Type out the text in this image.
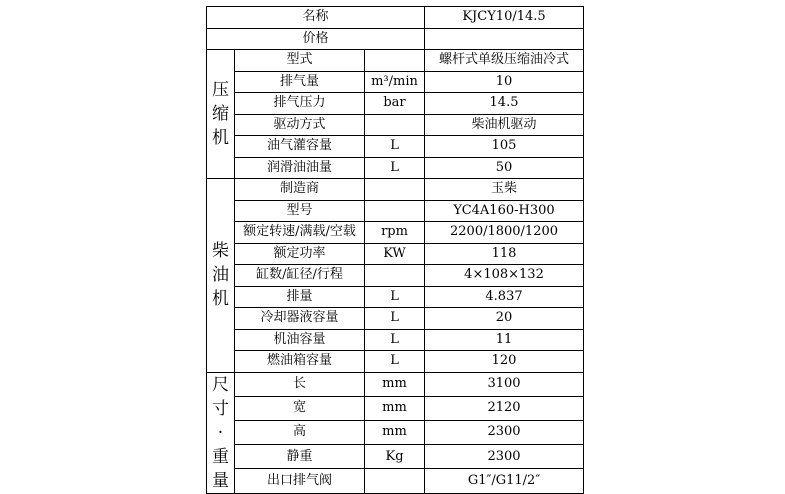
名称			KJCY10/14.5
价格			

压
缩
机	型式		螺杆式单级压缩油冷式
	排气量	m³/min	10
	排气压力	bar	14.5
	驱动方式		柴油机驱动
	油气灌容量	L	105
	润滑油油量	L	50

柴
油
机	制造商		玉柴
	型号		YC4A160-H300
	额定转速/满载/空载	rpm	2200/1800/1200
	额定功率	KW	118
	缸数/缸径/行程		4×108×132
	排量	L	4.837
	冷却器液容量	L	20
	机油容量	L	11
	燃油箱容量	L	120

尺
寸
·
重
量	长	mm	3100
	宽	mm	2120
	高	mm	2300
	静重	Kg	2300
	出口排气阀		G1″/G11/2″
